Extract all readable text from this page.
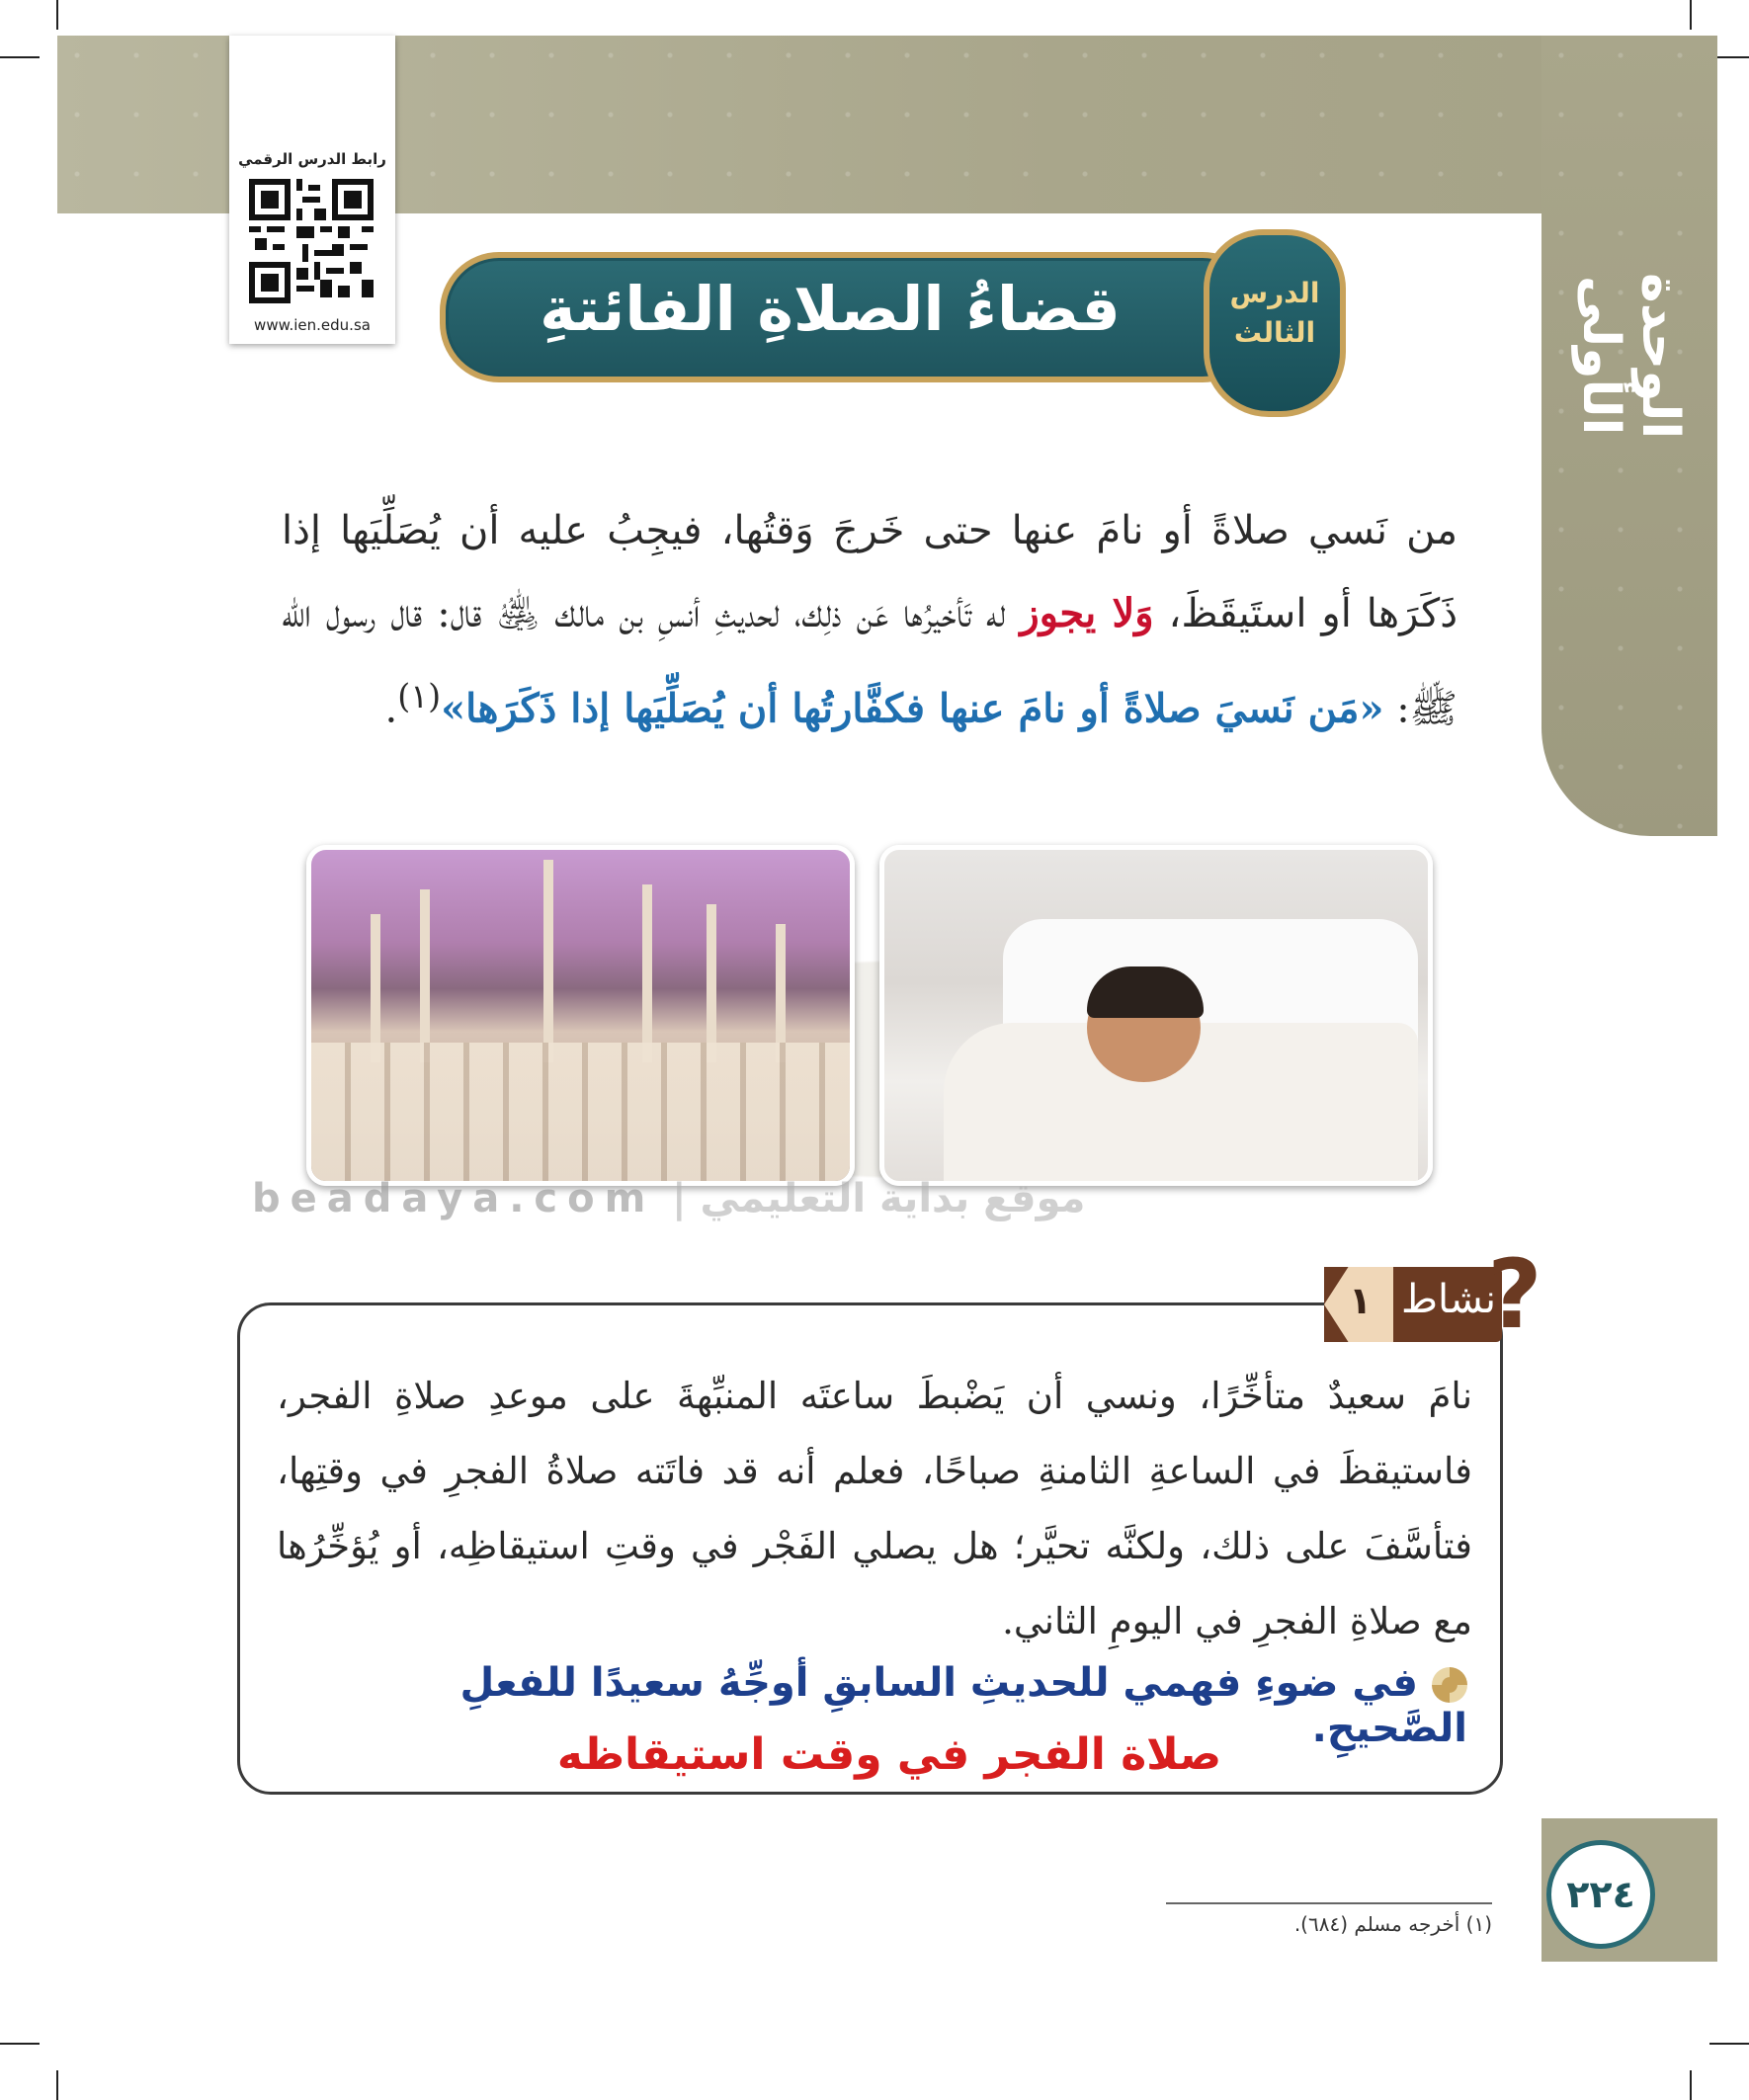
الوحدة الأولى
رابط الدرس الرقمي
www.ien.edu.sa	قضاءُ الصلاةِ الفائتةِ	الدرس
الثالث
من نَسي صلاةً أو نامَ عنها حتى خَرجَ وَقتُها، فيجِبُ عليه أن يُصَلِّيَها إذا ذَكَرَها أو استَيقَظَ، وَلا يجوز له تَأخيرُها عَن ذلِك، لحديثِ أنسِ بن مالك ﵁ قال: قال رسول الله ﷺ: «مَن نَسيَ صلاةً أو نامَ عنها فكفَّارتُها أن يُصَلِّيَها إذا ذَكَرَها»$^{(١)}$.
beadaya.com موقع بداية التعليمي |
نشاط
١ ?
نامَ سعيدٌ متأخِّرًا، ونسي أن يَضْبطَ ساعتَه المنبِّهةَ على موعدِ صلاةِ الفجر، فاستيقظَ في الساعةِ الثامنةِ صباحًا، فعلم أنه قد فاتَته صلاةُ الفجرِ في وقتِها، فتأسَّفَ على ذلك، ولكنَّه تحيَّر؛ هل يصلي الفَجْر في وقتِ استيقاظِه، أو يُؤخِّرُها مع صلاةِ الفجرِ في اليومِ الثاني.
في ضوءِ فهمي للحديثِ السابقِ أوجِّهُ سعيدًا للفعلِ الصَّحيحِ.
صلاة الفجر في وقت استيقاظه
٢٢٤
(١) أخرجه مسلم (٦٨٤).
